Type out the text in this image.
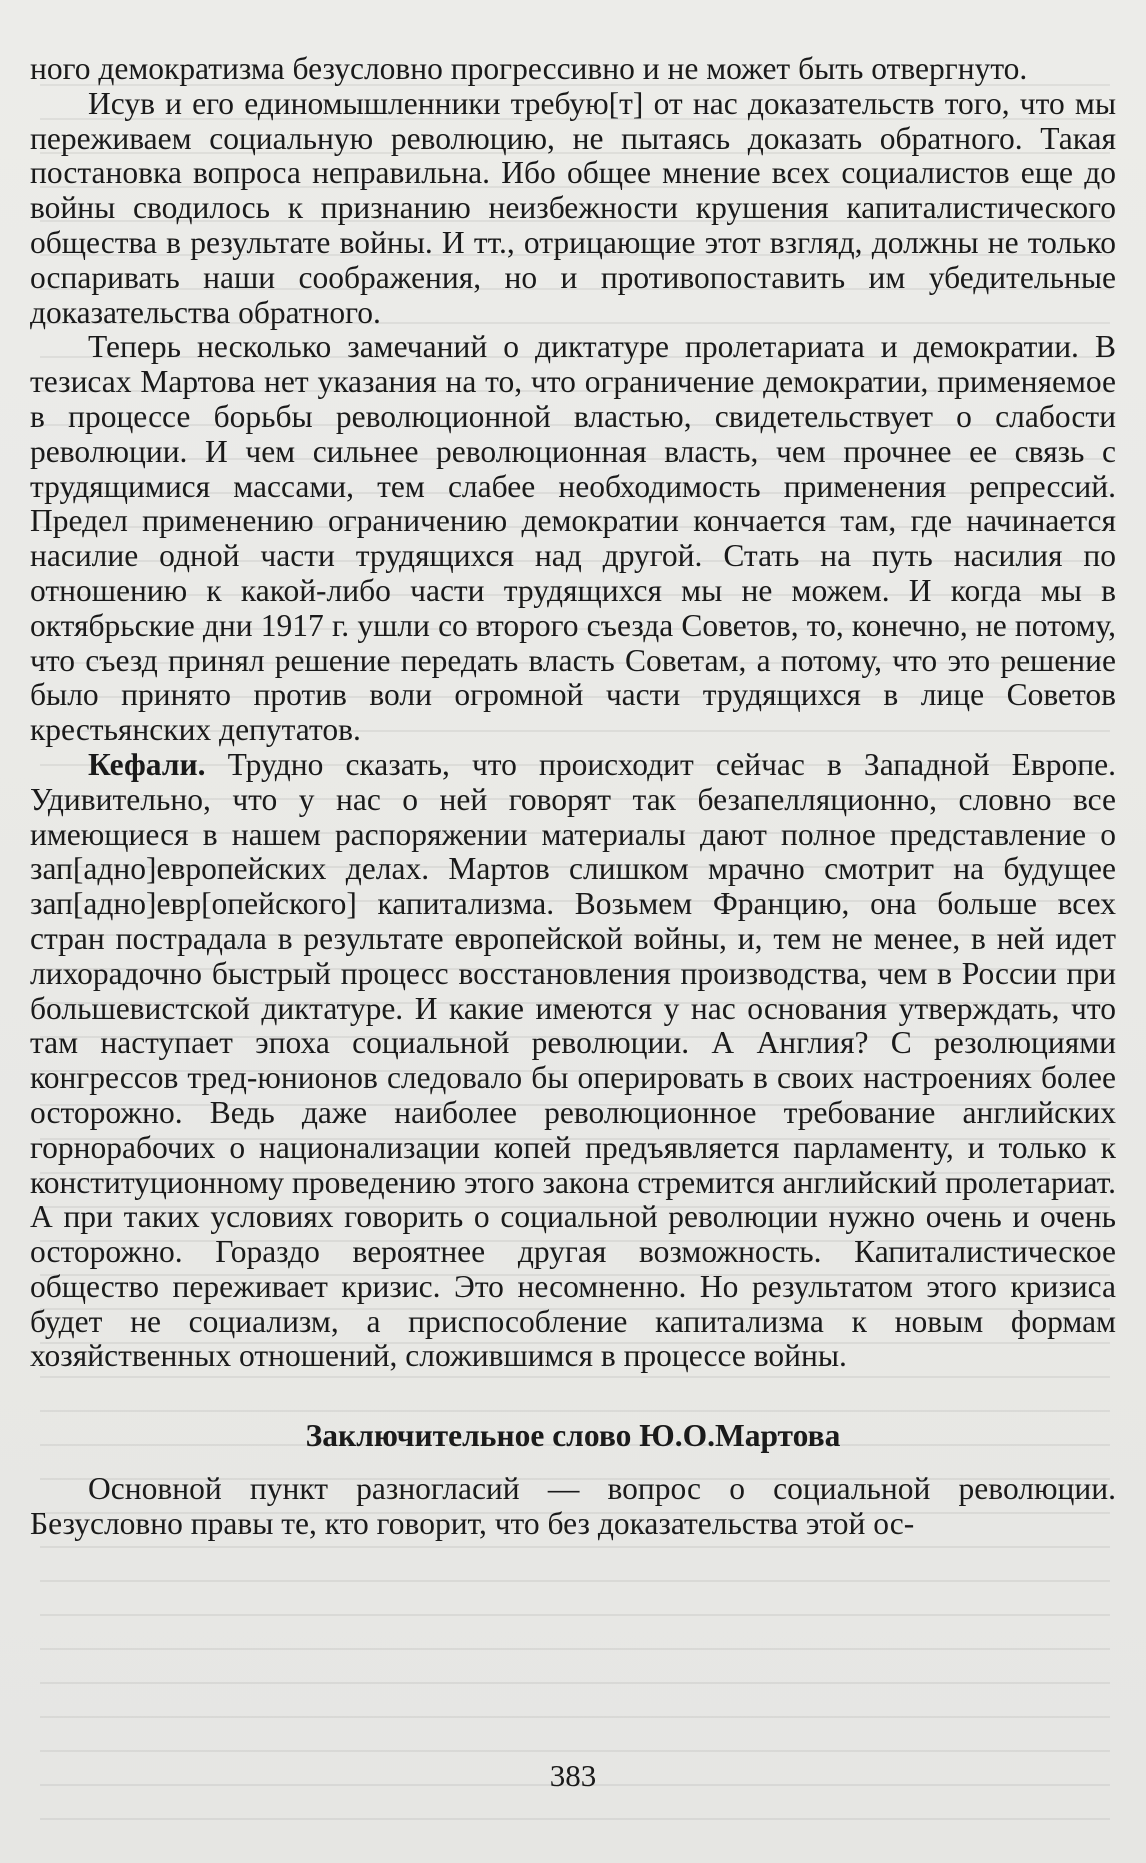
ного демократизма безусловно прогрессивно и не может быть отвергнуто.

Исув и его единомышленники требую[т] от нас доказательств того, что мы переживаем социальную революцию, не пытаясь доказать обратного. Такая постановка вопроса неправильна. Ибо общее мнение всех социалистов еще до войны сводилось к признанию неизбежности крушения капиталистического общества в результате войны. И тт., отрицающие этот взгляд, должны не только оспаривать наши соображения, но и противопоставить им убедительные доказательства обратного.

Теперь несколько замечаний о диктатуре пролетариата и демократии. В тезисах Мартова нет указания на то, что ограничение демократии, применяемое в процессе борьбы революционной властью, свидетельствует о слабости революции. И чем сильнее революционная власть, чем прочнее ее связь с трудящимися массами, тем слабее необходимость применения репрессий. Предел применению ограничению демократии кончается там, где начинается насилие одной части трудящихся над другой. Стать на путь насилия по отношению к какой-либо части трудящихся мы не можем. И когда мы в октябрьские дни 1917 г. ушли со второго съезда Советов, то, конечно, не потому, что съезд принял решение передать власть Советам, а потому, что это решение было принято против воли огромной части трудящихся в лице Советов крестьянских депутатов.

Кефали. Трудно сказать, что происходит сейчас в Западной Европе. Удивительно, что у нас о ней говорят так безапелляционно, словно все имеющиеся в нашем распоряжении материалы дают полное представление о зап[адно]европейских делах. Мартов слишком мрачно смотрит на будущее зап[адно]евр[опейского] капитализма. Возьмем Францию, она больше всех стран пострадала в результате европейской войны, и, тем не менее, в ней идет лихорадочно быстрый процесс восстановления производства, чем в России при большевистской диктатуре. И какие имеются у нас основания утверждать, что там наступает эпоха социальной революции. А Англия? С резолюциями конгрессов тред-юнионов следовало бы оперировать в своих настроениях более осторожно. Ведь даже наиболее революционное требование английских горнорабочих о национализации копей предъявляется парламенту, и только к конституционному проведению этого закона стремится английский пролетариат. А при таких условиях говорить о социальной революции нужно очень и очень осторожно. Гораздо вероятнее другая возможность. Капиталистическое общество переживает кризис. Это несомненно. Но результатом этого кризиса будет не социализм, а приспособление капитализма к новым формам хозяйственных отношений, сложившимся в процессе войны.

Заключительное слово Ю.О.Мартова

Основной пункт разногласий — вопрос о социальной революции. Безусловно правы те, кто говорит, что без доказательства этой ос-

383
